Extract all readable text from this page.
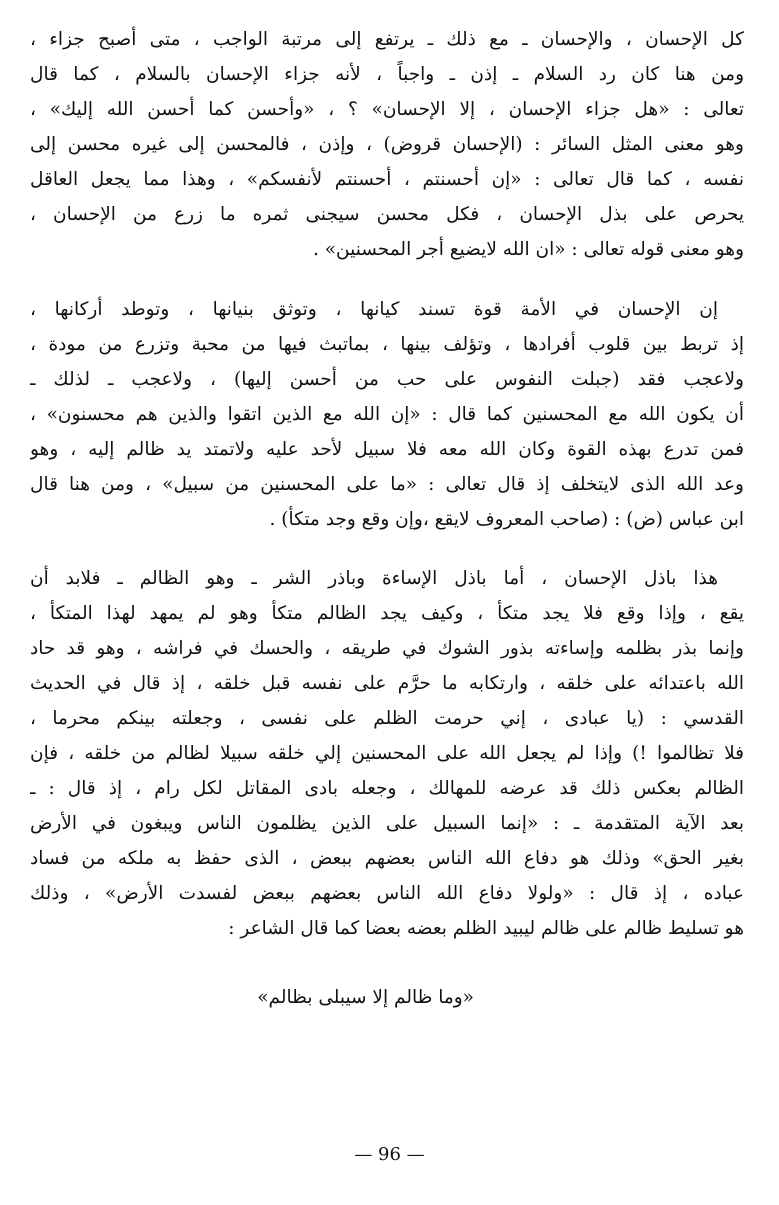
كل الإحسان ، والإحسان ـ مع ذلك ـ يرتفع إلى مرتبة الواجب ، متى أصبح جزاء ،
ومن هنا كان رد السلام ـ إذن ـ واجباً ، لأنه جزاء الإحسان بالسلام ، كما قال
تعالى : «هل جزاء الإحسان ، إلا الإحسان» ؟ ، «وأحسن كما أحسن الله إليك» ،
وهو معنى المثل السائر : (الإحسان قروض) ، وإذن ، فالمحسن إلى غيره محسن إلى
نفسه ، كما قال تعالى : «إن أحسنتم ، أحسنتم لأنفسكم» ، وهذا مما يجعل العاقل
يحرص على بذل الإحسان ، فكل محسن سيجنى ثمره ما زرع من الإحسان ،
وهو معنى قوله تعالى : «ان الله لايضيع أجر المحسنين» .
إن الإحسان في الأمة قوة تسند كيانها ، وتوثق بنيانها ، وتوطد أركانها ،
إذ تربط بين قلوب أفرادها ، وتؤلف بينها ، بماتبث فيها من محبة وتزرع من مودة ،
ولاعجب فقد (جبلت النفوس على حب من أحسن إليها) ، ولاعجب ـ لذلك ـ
أن يكون الله مع المحسنين كما قال : «إن الله مع الذين اتقوا والذين هم محسنون» ،
فمن تدرع بهذه القوة وكان الله معه فلا سبيل لأحد عليه ولاتمتد يد ظالم إليه ، وهو
وعد الله الذى لايتخلف إذ قال تعالى : «ما على المحسنين من سبيل» ، ومن هنا قال
ابن عباس (ض) : (صاحب المعروف لايقع ،وإن وقع وجد متكأ) .
هذا باذل الإحسان ، أما باذل الإساءة وباذر الشر ـ وهو الظالم ـ فلابد أن
يقع ، وإذا وقع فلا يجد متكأ ، وكيف يجد الظالم متكأ وهو لم يمهد لهذا المتكأ ،
وإنما بذر بظلمه وإساءته بذور الشوك في طريقه ، والحسك في فراشه ، وهو قد حاد
الله باعتدائه على خلقه ، وارتكابه ما حرَّم على نفسه قبل خلقه ، إذ قال في الحديث
القدسي : (يا عبادى ، إني حرمت الظلم على نفسى ، وجعلته بينكم محرما ،
فلا تظالموا !) وإذا لم يجعل الله على المحسنين إلي خلقه سبيلا لظالم من خلقه ، فإن
الظالم بعكس ذلك قد عرضه للمهالك ، وجعله بادى المقاتل لكل رام ، إذ قال : ـ
بعد الآية المتقدمة ـ : «إنما السبيل على الذين يظلمون الناس ويبغون في الأرض
بغير الحق» وذلك هو دفاع الله الناس بعضهم ببعض ، الذى حفظ به ملكه من فساد
عباده ، إذ قال : «ولولا دفاع الله الناس بعضهم ببعض لفسدت الأرض» ، وذلك
هو تسليط ظالم على ظالم ليبيد الظلم بعضه بعضا كما قال الشاعر :
«وما ظالم إلا سيبلى بظالم»
— 96 —
